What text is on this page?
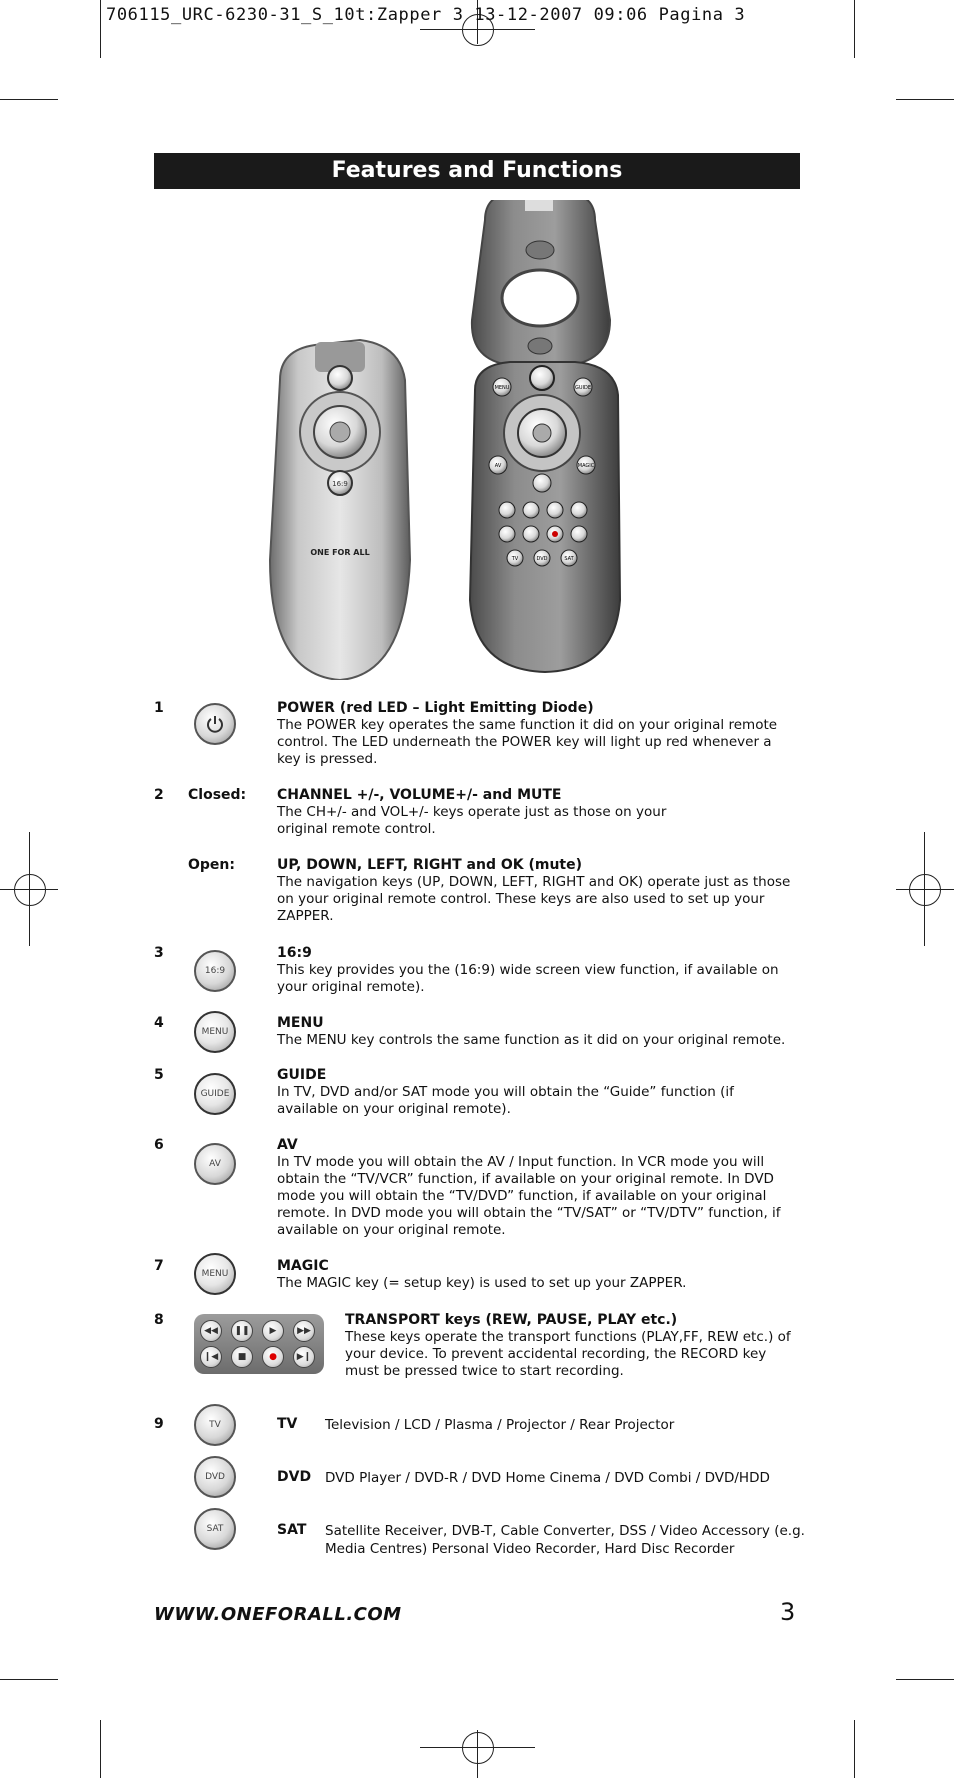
706115_URC-6230-31_S_10t:Zapper 3 13-12-2007 09:06 Pagina 3
Features and Functions
16:9
ONE FOR ALL
MENU	GUIDE
AV	MAGIC
TV	DVD	SAT
1	POWER (red LED – Light Emitting Diode)
The POWER key operates the same function it did on your original remote control. The LED underneath the POWER key will light up red whenever a key is pressed.
2 Closed: CHANNEL +/-, VOLUME+/- and MUTE
The CH+/- and VOL+/- keys operate just as those on your original remote control.
Open:	UP, DOWN, LEFT, RIGHT and OK (mute)
The navigation keys (UP, DOWN, LEFT, RIGHT and OK) operate just as those on your original remote control. These keys are also used to set up your ZAPPER.
3
16:9
16:9
This key provides you the (16:9) wide screen view function, if available on your original remote).
4
MENU
MENU
The MENU key controls the same function as it did on your original remote.
5
GUIDE
GUIDE
In TV, DVD and/or SAT mode you will obtain the “Guide” function (if available on your original remote).
6
AV
AV
In TV mode you will obtain the AV / Input function. In VCR mode you will obtain the “TV/VCR” function, if available on your original remote. In DVD mode you will obtain the “TV/DVD” function, if available on your original remote. In DVD mode you will obtain the “TV/SAT” or “TV/DTV” function, if available on your original remote.
7	MENU	MAGIC
The MAGIC key (= setup key) is used to set up your ZAPPER.
8
◀◀	❚❚	▶	▶▶
❙◀	■	●	▶❙
TRANSPORT keys (REW, PAUSE, PLAY etc.)
These keys operate the transport functions (PLAY,FF, REW etc.) of your device. To prevent accidental recording, the RECORD key must be pressed twice to start recording.
9	TV	TV Television / LCD / Plasma / Projector / Rear Projector
DVD	DVD DVD Player / DVD-R / DVD Home Cinema / DVD Combi / DVD/HDD
SAT	SAT Satellite Receiver, DVB-T, Cable Converter, DSS / Video Accessory (e.g. Media Centres) Personal Video Recorder, Hard Disc Recorder
WWW.ONEFORALL.COM	3
